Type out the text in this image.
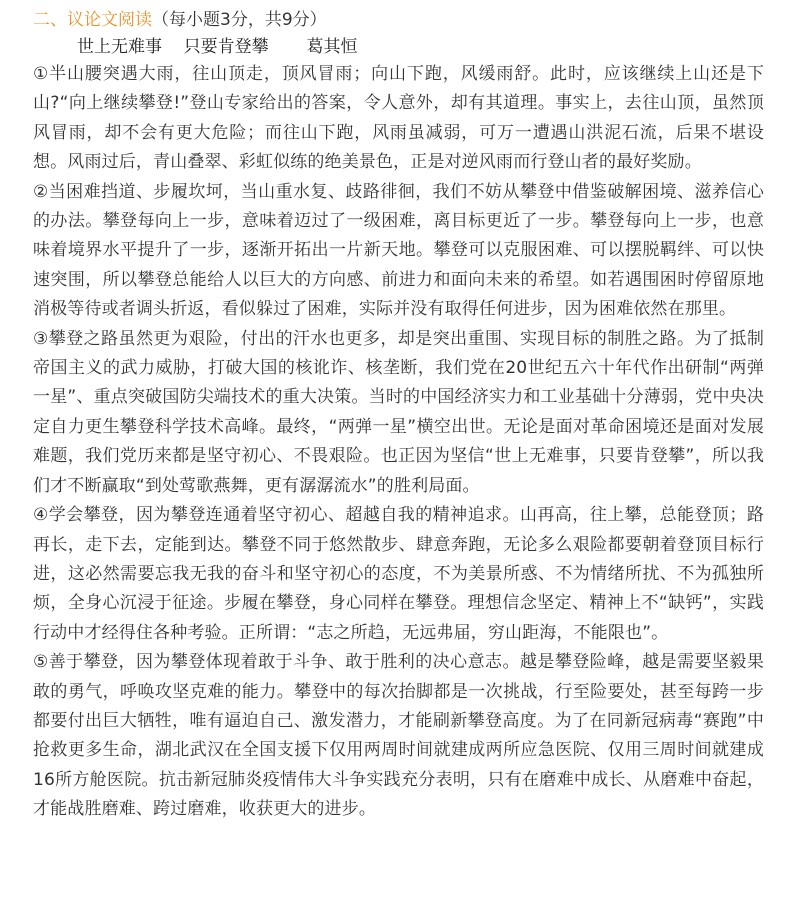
二、议论文阅读（每小题3分，共9分）
世上无难事 只要肯登攀 葛其恒

①半山腰突遇大雨，往山顶走，顶风冒雨；向山下跑，风缓雨舒。此时，应该继续上山还是下山?“向上继续攀登!”登山专家给出的答案，令人意外，却有其道理。事实上，去往山顶，虽然顶风冒雨，却不会有更大危险；而往山下跑，风雨虽减弱，可万一遭遇山洪泥石流，后果不堪设想。风雨过后，青山叠翠、彩虹似练的绝美景色，正是对逆风雨而行登山者的最好奖励。

②当困难挡道、步履坎坷，当山重水复、歧路徘徊，我们不妨从攀登中借鉴破解困境、滋养信心的办法。攀登每向上一步，意味着迈过了一级困难，离目标更近了一步。攀登每向上一步，也意味着境界水平提升了一步，逐渐开拓出一片新天地。攀登可以克服困难、可以摆脱羁绊、可以快速突围，所以攀登总能给人以巨大的方向感、前进力和面向未来的希望。如若遇围困时停留原地消极等待或者调头折返，看似躲过了困难，实际并没有取得任何进步，因为困难依然在那里。

③攀登之路虽然更为艰险，付出的汗水也更多，却是突出重围、实现目标的制胜之路。为了抵制帝国主义的武力威胁，打破大国的核讹诈、核垄断，我们党在20世纪五六十年代作出研制“两弹一星”、重点突破国防尖端技术的重大决策。当时的中国经济实力和工业基础十分薄弱，党中央决定自力更生攀登科学技术高峰。最终，“两弹一星”横空出世。无论是面对革命困境还是面对发展难题，我们党历来都是坚守初心、不畏艰险。也正因为坚信“世上无难事，只要肯登攀”，所以我们才不断赢取“到处莺歌燕舞，更有潺潺流水”的胜利局面。

④学会攀登，因为攀登连通着坚守初心、超越自我的精神追求。山再高，往上攀，总能登顶；路再长，走下去，定能到达。攀登不同于悠然散步、肆意奔跑，无论多么艰险都要朝着登顶目标行进，这必然需要忘我无我的奋斗和坚守初心的态度，不为美景所惑、不为情绪所扰、不为孤独所烦，全身心沉浸于征途。步履在攀登，身心同样在攀登。理想信念坚定、精神上不“缺钙”，实践行动中才经得住各种考验。正所谓：“志之所趋，无远弗届，穷山距海，不能限也”。

⑤善于攀登，因为攀登体现着敢于斗争、敢于胜利的决心意志。越是攀登险峰，越是需要坚毅果敢的勇气，呼唤攻坚克难的能力。攀登中的每次抬脚都是一次挑战，行至险要处，甚至每跨一步都要付出巨大牺牲，唯有逼迫自己、激发潜力，才能刷新攀登高度。为了在同新冠病毒“赛跑”中抢救更多生命，湖北武汉在全国支援下仅用两周时间就建成两所应急医院、仅用三周时间就建成16所方舱医院。抗击新冠肺炎疫情伟大斗争实践充分表明，只有在磨难中成长、从磨难中奋起，才能战胜磨难、跨过磨难，收获更大的进步。
